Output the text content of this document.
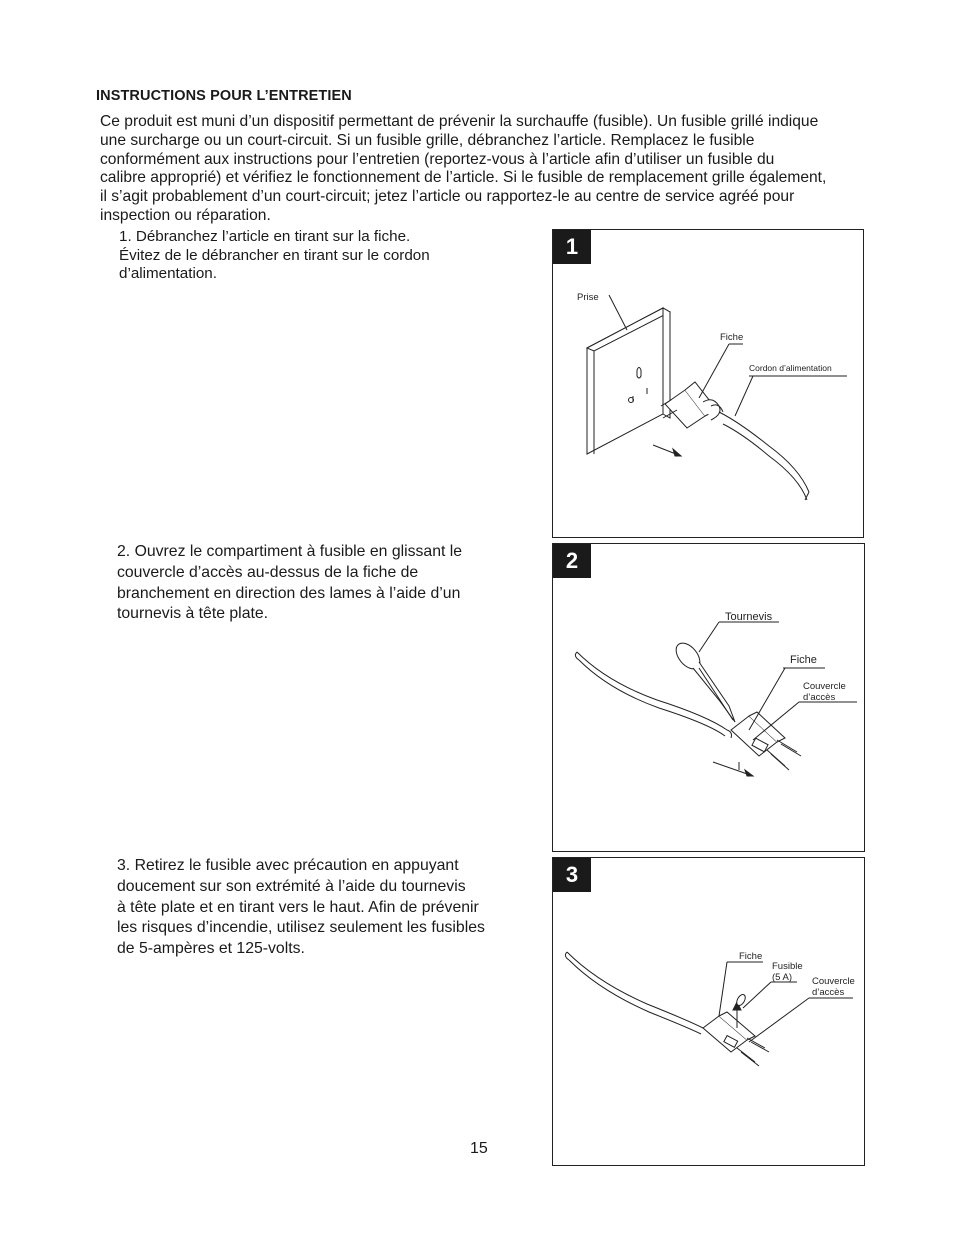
INSTRUCTIONS POUR L’ENTRETIEN
Ce produit est muni d’un dispositif permettant de prévenir la surchauffe (fusible). Un fusible grillé indique
une surcharge ou un court-circuit. Si un fusible grille, débranchez l’article. Remplacez le fusible
conformément aux instructions pour l’entretien (reportez-vous à l’article afin d’utiliser un fusible du
calibre approprié) et vérifiez le fonctionnement de l’article. Si le fusible de remplacement grille également,
il s’agit probablement d’un court-circuit; jetez l’article ou rapportez-le au centre de service agréé pour
inspection ou réparation.
1. Débranchez l’article en tirant sur la fiche.
Évitez de le débrancher en tirant sur le cordon
d’alimentation.
2. Ouvrez le compartiment à fusible en glissant le
couvercle d’accès au-dessus de la fiche de
branchement en direction des lames à l’aide d’un
tournevis à tête plate.
3. Retirez le fusible avec précaution en appuyant
doucement sur son extrémité à l’aide du tournevis
à tête plate et en tirant vers le haut. Afin de prévenir
les risques d’incendie, utilisez seulement les fusibles
de 5-ampères et 125-volts.
1
Prise
Fiche
Cordon d’alimentation
2
Tournevis
Fiche
Couvercle
d’accès
3
Fiche
Fusible
(5 A)	Couvercle
d’accès
15
